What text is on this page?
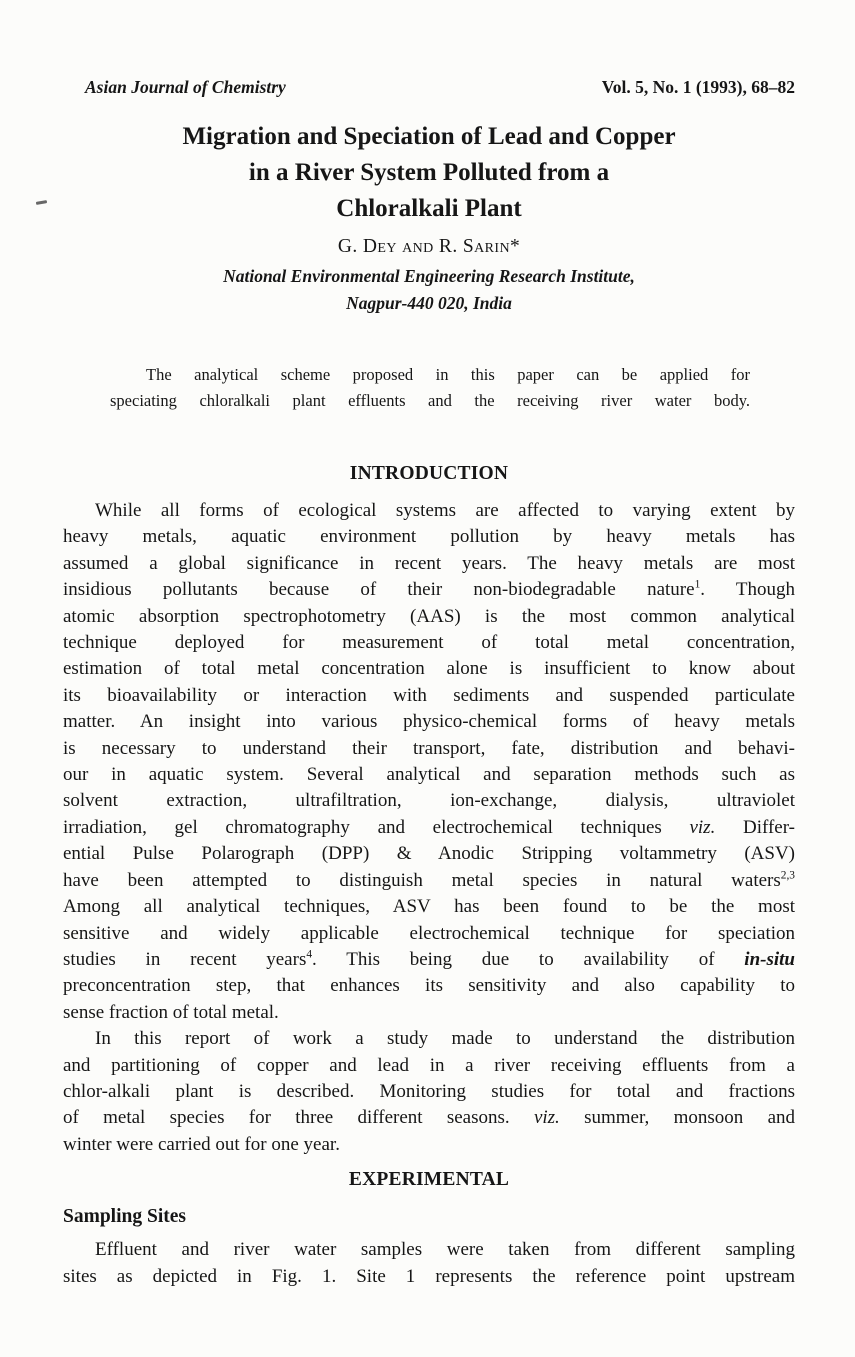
Asian Journal of Chemistry	Vol. 5, No. 1 (1993), 68–82
Migration and Speciation of Lead and Copper
in a River System Polluted from a
Chloralkali Plant
G. Dey and R. Sarin*
National Environmental Engineering Research Institute,
Nagpur-440 020, India
The analytical scheme proposed in this paper can be applied for
speciating chloralkali plant effluents and the receiving river water body.
INTRODUCTION
While all forms of ecological systems are affected to varying extent by
heavy metals, aquatic environment pollution by heavy metals has
assumed a global significance in recent years. The heavy metals are most
insidious pollutants because of their non-biodegradable nature$^1$. Though
atomic absorption spectrophotometry (AAS) is the most common analytical
technique deployed for measurement of total metal concentration,
estimation of total metal concentration alone is insufficient to know about
its bioavailability or interaction with sediments and suspended particulate
matter. An insight into various physico-chemical forms of heavy metals
is necessary to understand their transport, fate, distribution and behavi-
our in aquatic system. Several analytical and separation methods such as
solvent extraction, ultrafiltration, ion-exchange, dialysis, ultraviolet
irradiation, gel chromatography and electrochemical techniques viz. Differ-
ential Pulse Polarograph (DPP) & Anodic Stripping voltammetry (ASV)
have been attempted to distinguish metal species in natural waters$^{2,3}$
Among all analytical techniques, ASV has been found to be the most
sensitive and widely applicable electrochemical technique for speciation
studies in recent years$^4$. This being due to availability of in-situ
preconcentration step, that enhances its sensitivity and also capability to
sense fraction of total metal.
In this report of work a study made to understand the distribution
and partitioning of copper and lead in a river receiving effluents from a
chlor-alkali plant is described. Monitoring studies for total and fractions
of metal species for three different seasons. viz. summer, monsoon and
winter were carried out for one year.
EXPERIMENTAL
Sampling Sites
Effluent and river water samples were taken from different sampling
sites as depicted in Fig. 1. Site 1 represents the reference point upstream
